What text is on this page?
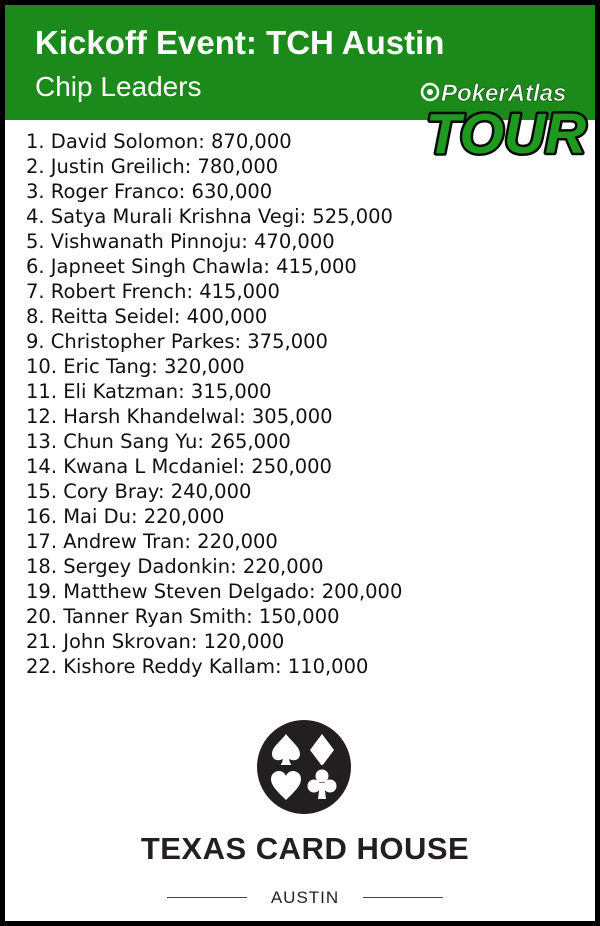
Kickoff Event: TCH Austin
Chip Leaders	PokerAtlas
TOUR
1. David Solomon: 870,000
2. Justin Greilich: 780,000
3. Roger Franco: 630,000
4. Satya Murali Krishna Vegi: 525,000
5. Vishwanath Pinnoju: 470,000
6. Japneet Singh Chawla: 415,000
7. Robert French: 415,000
8. Reitta Seidel: 400,000
9. Christopher Parkes: 375,000
10. Eric Tang: 320,000
11. Eli Katzman: 315,000
12. Harsh Khandelwal: 305,000
13. Chun Sang Yu: 265,000
14. Kwana L Mcdaniel: 250,000
15. Cory Bray: 240,000
16. Mai Du: 220,000
17. Andrew Tran: 220,000
18. Sergey Dadonkin: 220,000
19. Matthew Steven Delgado: 200,000
20. Tanner Ryan Smith: 150,000
21. John Skrovan: 120,000
22. Kishore Reddy Kallam: 110,000
TEXAS CARD HOUSE
AUSTIN
